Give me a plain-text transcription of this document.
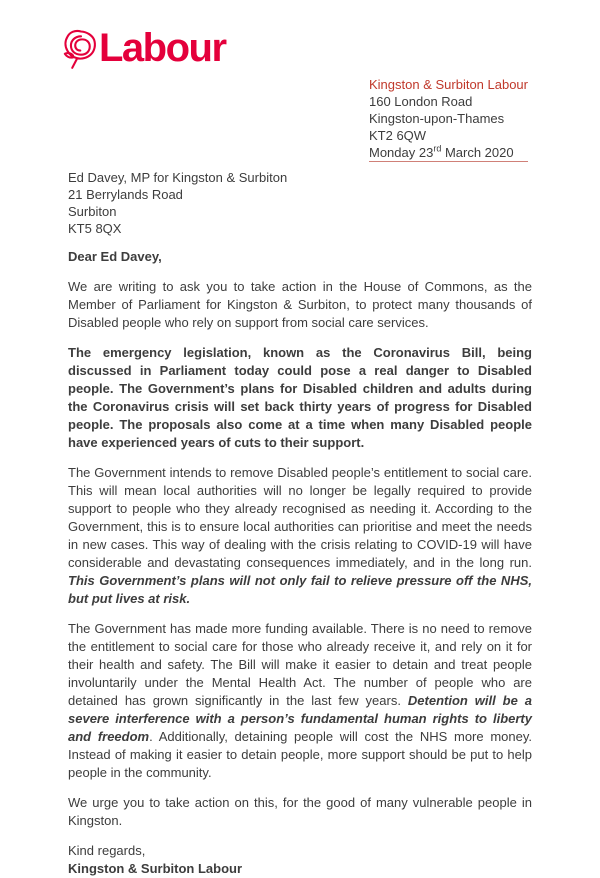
Labour
Kingston & Surbiton Labour
160 London Road
Kingston-upon-Thames
KT2 6QW
Monday 23rd March 2020
Ed Davey, MP for Kingston & Surbiton
21 Berrylands Road
Surbiton
KT5 8QX
Dear Ed Davey,

We are writing to ask you to take action in the House of Commons, as the Member of Parliament for Kingston & Surbiton, to protect many thousands of Disabled people who rely on support from social care services.

The emergency legislation, known as the Coronavirus Bill, being discussed in Parliament today could pose a real danger to Disabled people. The Government’s plans for Disabled children and adults during the Coronavirus crisis will set back thirty years of progress for Disabled people. The proposals also come at a time when many Disabled people have experienced years of cuts to their support.

The Government intends to remove Disabled people’s entitlement to social care. This will mean local authorities will no longer be legally required to provide support to people who they already recognised as needing it. According to the Government, this is to ensure local authorities can prioritise and meet the needs in new cases. This way of dealing with the crisis relating to COVID-19 will have considerable and devastating consequences immediately, and in the long run. This Government’s plans will not only fail to relieve pressure off the NHS, but put lives at risk.

The Government has made more funding available. There is no need to remove the entitlement to social care for those who already receive it, and rely on it for their health and safety. The Bill will make it easier to detain and treat people involuntarily under the Mental Health Act. The number of people who are detained has grown significantly in the last few years. Detention will be a severe interference with a person’s fundamental human rights to liberty and freedom. Additionally, detaining people will cost the NHS more money. Instead of making it easier to detain people, more support should be put to help people in the community.

We urge you to take action on this, for the good of many vulnerable people in Kingston.

Kind regards,
Kingston & Surbiton Labour
